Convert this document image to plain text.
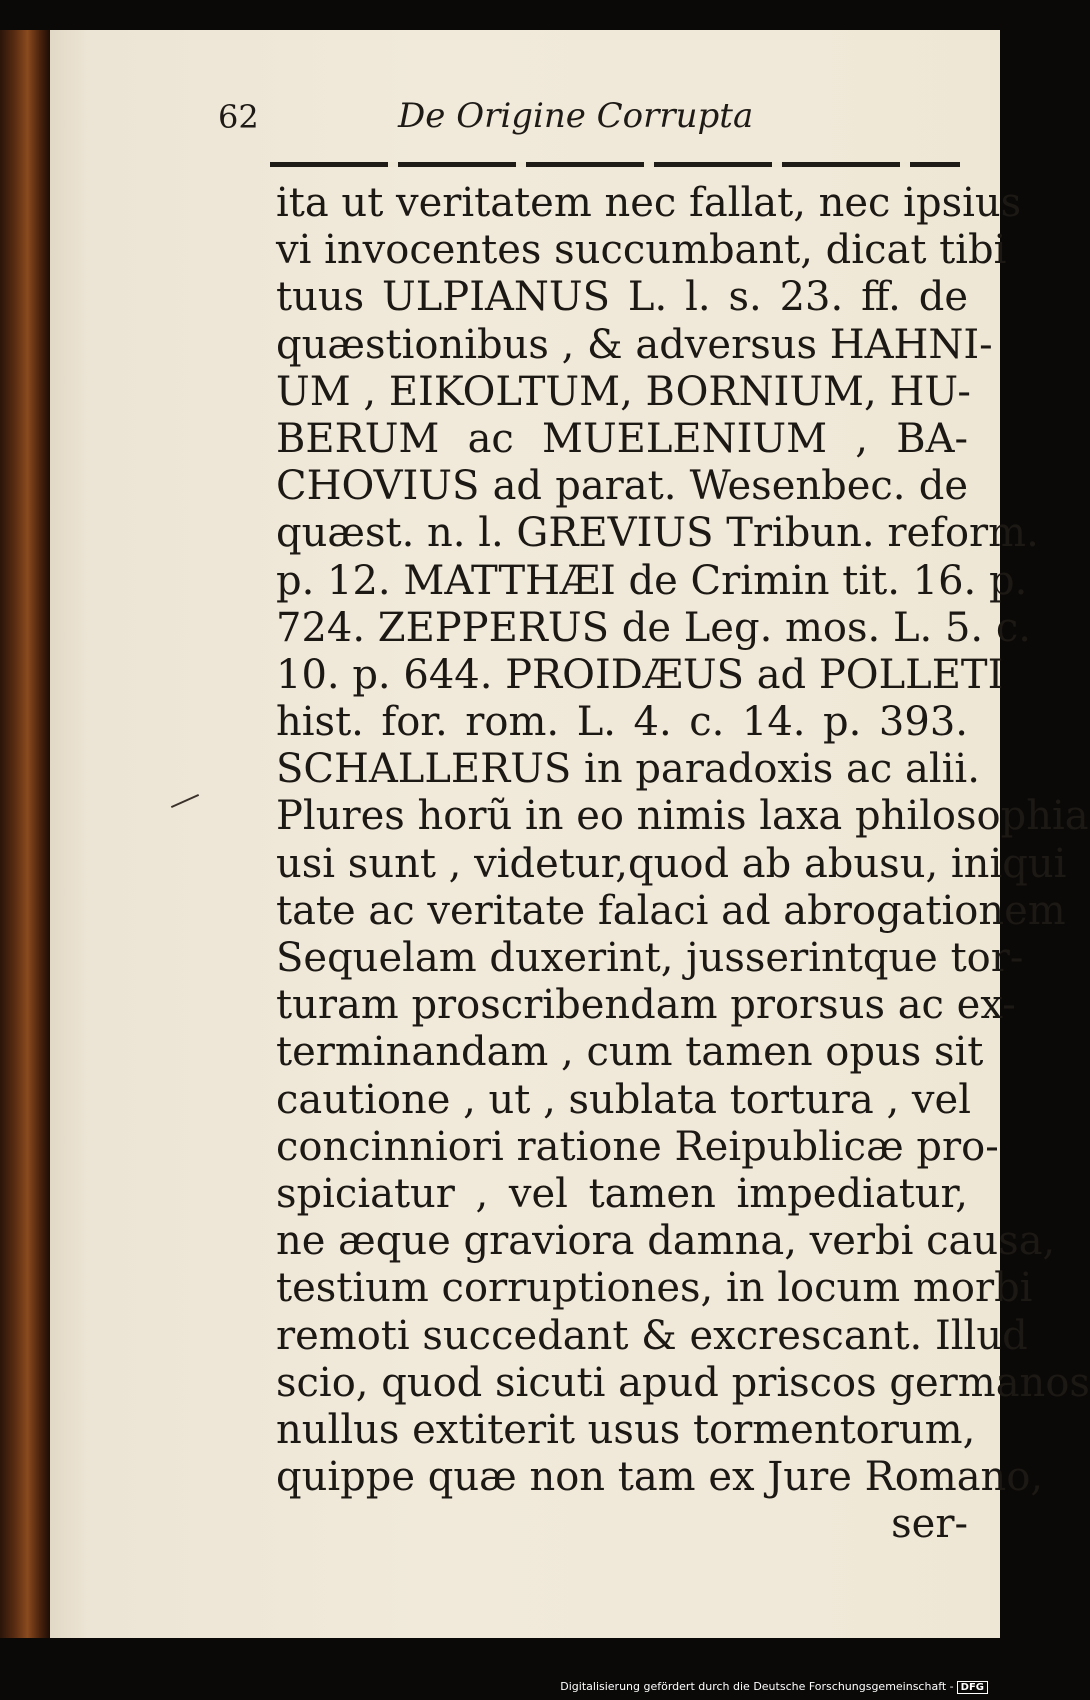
62	De Origine Corrupta
ita ut veritatem nec fallat, nec ipsius
vi invocentes succumbant, dicat tibi
tuus ULPIANUS L. l. s. 23. ff. de
quæstionibus , & adversus HAHNI-
UM , EIKOLTUM, BORNIUM, HU-
BERUM ac MUELENIUM , BA-
CHOVIUS ad parat. Wesenbec. de
quæst. n. l. GREVIUS Tribun. reform.
p. 12. MATTHÆI de Crimin tit. 16. p.
724. ZEPPERUS de Leg. mos. L. 5. c.
10. p. 644. PROIDÆUS ad POLLETI
hist. for. rom. L. 4. c. 14. p. 393.
SCHALLERUS in paradoxis ac alii.
Plures horũ in eo nimis laxa philosophia
usi sunt , videtur,quod ab abusu, iniqui
tate ac veritate falaci ad abrogationem
Sequelam duxerint, jusserintque tor-
turam proscribendam prorsus ac ex-
terminandam , cum tamen opus sit
cautione , ut , sublata tortura , vel
concinniori ratione Reipublicæ pro-
spiciatur , vel tamen impediatur,
ne æque graviora damna, verbi causa,
testium corruptiones, in locum morbi
remoti succedant & excrescant. Illud
scio, quod sicuti apud priscos germanos
nullus extiterit usus tormentorum,
quippe quæ non tam ex Jure Romano,
ser-
Digitalisierung gefördert durch die Deutsche Forschungsgemeinschaft - DFG
